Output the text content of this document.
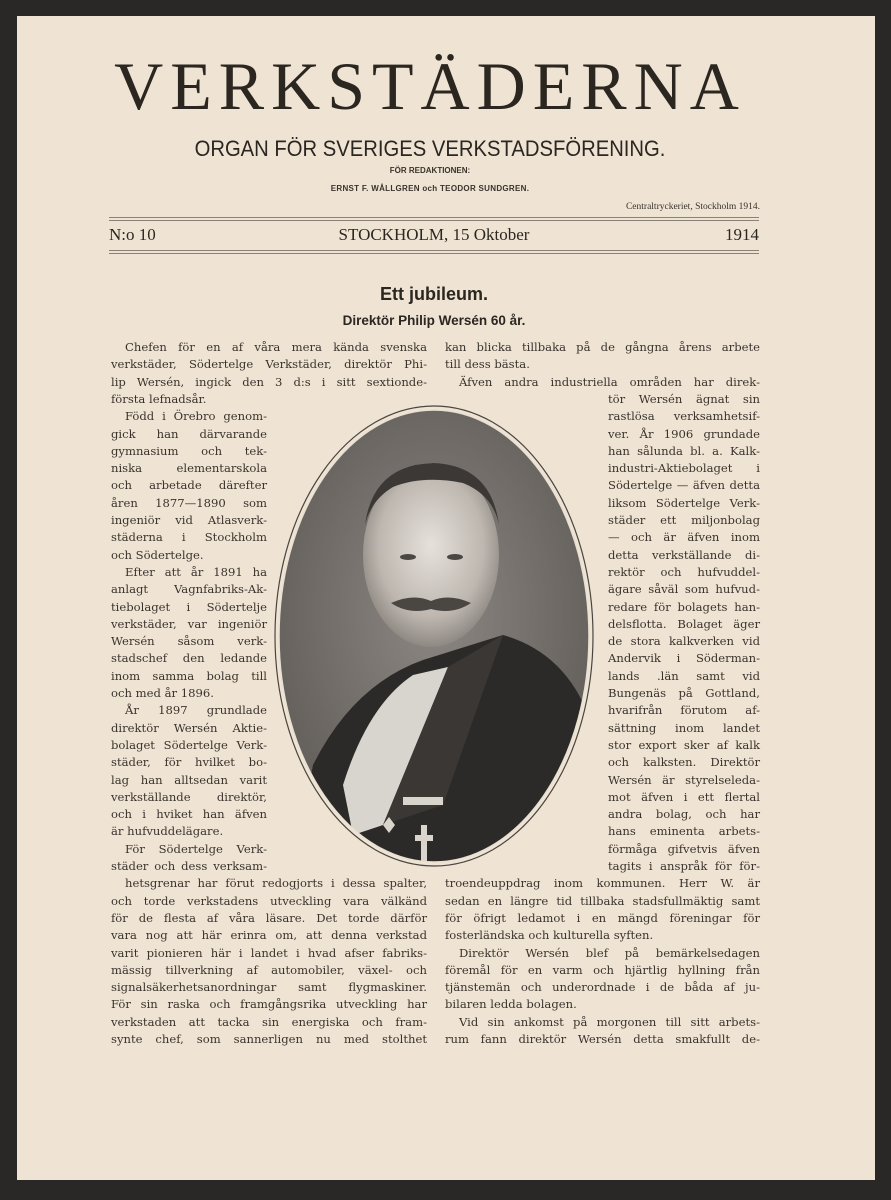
VERKSTÄDERNA
ORGAN FÖR SVERIGES VERKSTADSFÖRENING.
FÖR REDAKTIONEN:
ERNST F. WÅLLGREN och TEODOR SUNDGREN.
Centraltryckeriet, Stockholm 1914.
N:o 10	STOCKHOLM, 15 Oktober	1914
Ett jubileum.
Direktör Philip Wersén 60 år.
Chefen för en af våra mera kända svenska
verkstäder, Södertelge Verkstäder, direktör Phi-
lip Wersén, ingick den 3 d:s i sitt sextionde-
första lefnadsår.
Född i Örebro genom-
gick han därvarande
gymnasium och tek-
niska elementarskola
och arbetade därefter
åren 1877—1890 som
ingeniör vid Atlasverk-
städerna i Stockholm
och Södertelge.
Efter att år 1891 ha
anlagt Vagnfabriks-Ak-
tiebolaget i Södertelje
verkstäder, var ingeniör
Wersén såsom verk-
stadschef den ledande
inom samma bolag till
och med år 1896.
År 1897 grundlade
direktör Wersén Aktie-
bolaget Södertelge Verk-
städer, för hvilket bo-
lag han alltsedan varit
verkställande direktör,
och i hviket han äfven
är hufvuddelägare.
För Södertelge Verk-
städer och dess verksam-
hetsgrenar har förut redogjorts i dessa spalter,
och torde verkstadens utveckling vara välkänd
för de flesta af våra läsare. Det torde därför
vara nog att här erinra om, att denna verkstad
varit pionieren här i landet i hvad afser fabriks-
mässig tillverkning af automobiler, växel- och
signalsäkerhetsanordningar samt flygmaskiner.
För sin raska och framgångsrika utveckling har
verkstaden att tacka sin energiska och fram-
synte chef, som sannerligen nu med stolthet
kan blicka tillbaka på de gångna årens arbete
till dess bästa.
Äfven andra industriella områden har direk-
tör Wersén ägnat sin
rastlösa verksamhetsif-
ver. År 1906 grundade
han sålunda bl. a. Kalk-
industri-Aktiebolaget i
Södertelge — äfven detta
liksom Södertelge Verk-
städer ett miljonbolag
— och är äfven inom
detta verkställande di-
rektör och hufvuddel-
ägare såväl som hufvud-
redare för bolagets han-
delsflotta. Bolaget äger
de stora kalkverken vid
Andervik i Söderman-
lands .län samt vid
Bungenäs på Gottland,
hvarifrån förutom af-
sättning inom landet
stor export sker af kalk
och kalksten. Direktör
Wersén är styrelseleda-
mot äfven i ett flertal
andra bolag, och har
hans eminenta arbets-
förmåga gifvetvis äfven
tagits i anspråk för för-
troendeuppdrag inom kommunen. Herr W. är
sedan en längre tid tillbaka stadsfullmäktig samt
för öfrigt ledamot i en mängd föreningar för
fosterländska och kulturella syften.
Direktör Wersén blef på bemärkelsedagen
föremål för en varm och hjärtlig hyllning från
tjänstemän och underordnade i de båda af ju-
bilaren ledda bolagen.
Vid sin ankomst på morgonen till sitt arbets-
rum fann direktör Wersén detta smakfullt de-
